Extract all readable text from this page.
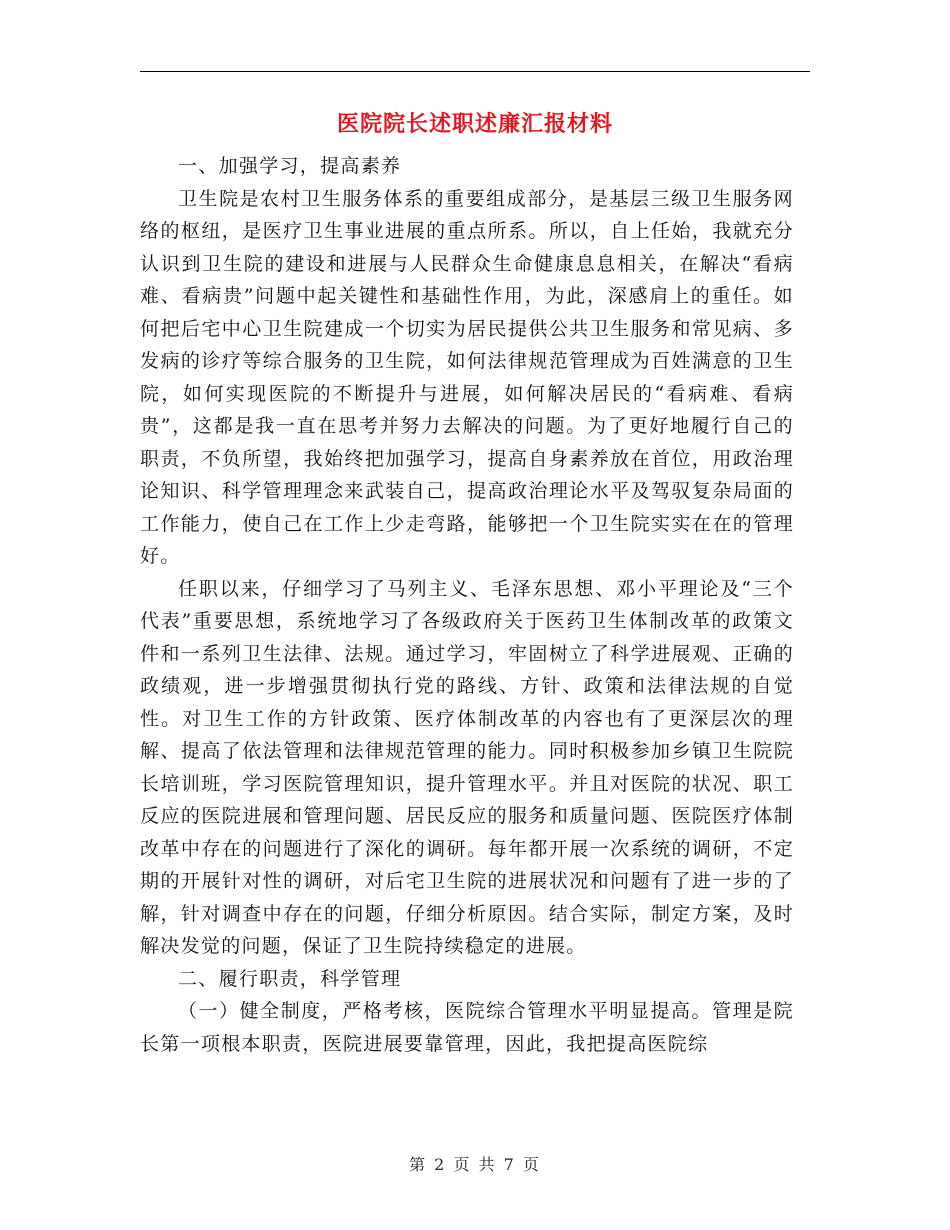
医院院长述职述廉汇报材料

一、加强学习，提高素养

卫生院是农村卫生服务体系的重要组成部分，是基层三级卫生服务网络的枢纽，是医疗卫生事业进展的重点所系。所以，自上任始，我就充分认识到卫生院的建设和进展与人民群众生命健康息息相关，在解决“看病难、看病贵”问题中起关键性和基础性作用，为此，深感肩上的重任。如何把后宅中心卫生院建成一个切实为居民提供公共卫生服务和常见病、多发病的诊疗等综合服务的卫生院，如何法律规范管理成为百姓满意的卫生院，如何实现医院的不断提升与进展，如何解决居民的“看病难、看病贵”，这都是我一直在思考并努力去解决的问题。为了更好地履行自己的职责，不负所望，我始终把加强学习，提高自身素养放在首位，用政治理论知识、科学管理理念来武装自己，提高政治理论水平及驾驭复杂局面的工作能力，使自己在工作上少走弯路，能够把一个卫生院实实在在的管理好。

任职以来，仔细学习了马列主义、毛泽东思想、邓小平理论及“三个代表”重要思想，系统地学习了各级政府关于医药卫生体制改革的政策文件和一系列卫生法律、法规。通过学习，牢固树立了科学进展观、正确的政绩观，进一步增强贯彻执行党的路线、方针、政策和法律法规的自觉性。对卫生工作的方针政策、医疗体制改革的内容也有了更深层次的理解、提高了依法管理和法律规范管理的能力。同时积极参加乡镇卫生院院长培训班，学习医院管理知识，提升管理水平。并且对医院的状况、职工反应的医院进展和管理问题、居民反应的服务和质量问题、医院医疗体制改革中存在的问题进行了深化的调研。每年都开展一次系统的调研，不定期的开展针对性的调研，对后宅卫生院的进展状况和问题有了进一步的了解，针对调查中存在的问题，仔细分析原因。结合实际，制定方案，及时解决发觉的问题，保证了卫生院持续稳定的进展。

二、履行职责，科学管理

（一）健全制度，严格考核，医院综合管理水平明显提高。管理是院长第一项根本职责，医院进展要靠管理，因此，我把提高医院综

第 2 页 共 7 页
